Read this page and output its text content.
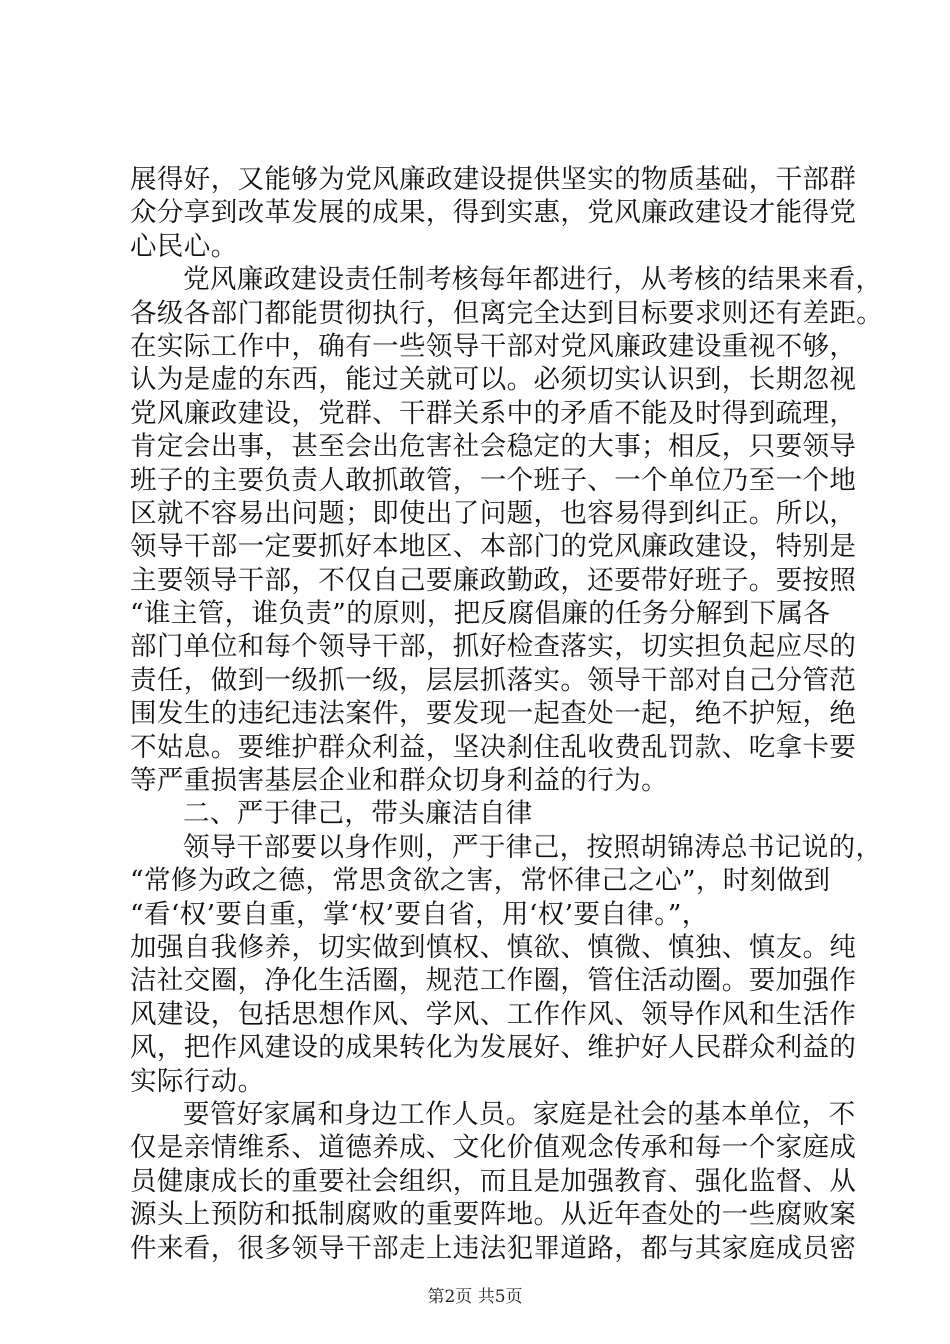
展得好，又能够为党风廉政建设提供坚实的物质基础，干部群
众分享到改革发展的成果，得到实惠，党风廉政建设才能得党
心民心。
党风廉政建设责任制考核每年都进行，从考核的结果来看，
各级各部门都能贯彻执行，但离完全达到目标要求则还有差距。
在实际工作中，确有一些领导干部对党风廉政建设重视不够，
认为是虚的东西，能过关就可以。必须切实认识到，长期忽视
党风廉政建设，党群、干群关系中的矛盾不能及时得到疏理，
肯定会出事，甚至会出危害社会稳定的大事；相反，只要领导
班子的主要负责人敢抓敢管，一个班子、一个单位乃至一个地
区就不容易出问题；即使出了问题，也容易得到纠正。所以，
领导干部一定要抓好本地区、本部门的党风廉政建设，特别是
主要领导干部，不仅自己要廉政勤政，还要带好班子。要按照
“谁主管，谁负责”的原则，把反腐倡廉的任务分解到下属各
部门单位和每个领导干部，抓好检查落实，切实担负起应尽的
责任，做到一级抓一级，层层抓落实。领导干部对自己分管范
围发生的违纪违法案件，要发现一起查处一起，绝不护短，绝
不姑息。要维护群众利益，坚决刹住乱收费乱罚款、吃拿卡要
等严重损害基层企业和群众切身利益的行为。
二、严于律己，带头廉洁自律
领导干部要以身作则，严于律己，按照胡锦涛总书记说的，
“常修为政之德，常思贪欲之害，常怀律己之心”，时刻做到
“看‘权’要自重，掌‘权’要自省，用‘权’要自律。”，
加强自我修养，切实做到慎权、慎欲、慎微、慎独、慎友。纯
洁社交圈，净化生活圈，规范工作圈，管住活动圈。要加强作
风建设，包括思想作风、学风、工作作风、领导作风和生活作
风，把作风建设的成果转化为发展好、维护好人民群众利益的
实际行动。
要管好家属和身边工作人员。家庭是社会的基本单位，不
仅是亲情维系、道德养成、文化价值观念传承和每一个家庭成
员健康成长的重要社会组织，而且是加强教育、强化监督、从
源头上预防和抵制腐败的重要阵地。从近年查处的一些腐败案
件来看，很多领导干部走上违法犯罪道路，都与其家庭成员密
第2页 共5页
